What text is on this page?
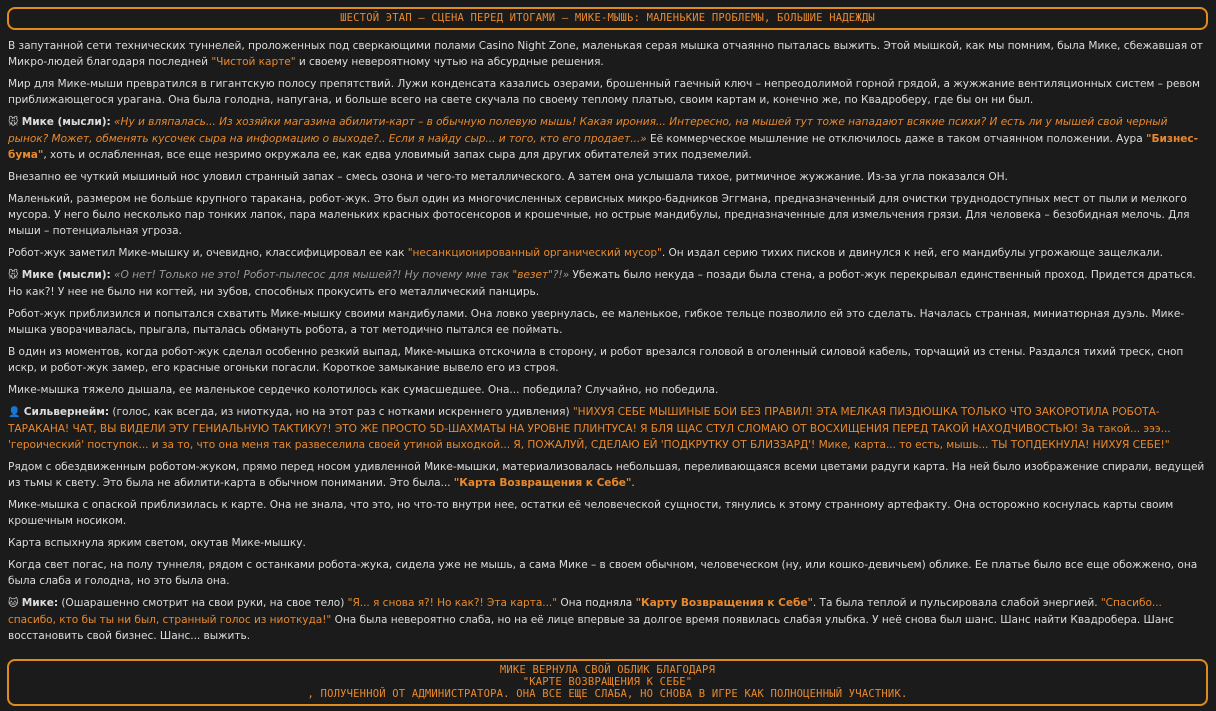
ШЕСТОЙ ЭТАП – СЦЕНА ПЕРЕД ИТОГАМИ – МИКЕ-МЫШЬ: МАЛЕНЬКИЕ ПРОБЛЕМЫ, БОЛЬШИЕ НАДЕЖДЫ

В запутанной сети технических туннелей, проложенных под сверкающими полами Casino Night Zone, маленькая серая мышка отчаянно пыталась выжить. Этой мышкой, как мы помним, была Мике, сбежавшая от Микро-людей благодаря последней "Чистой карте" и своему невероятному чутью на абсурдные решения.

Мир для Мике-мыши превратился в гигантскую полосу препятствий. Лужи конденсата казались озерами, брошенный гаечный ключ – непреодолимой горной грядой, а жужжание вентиляционных систем – ревом приближающегося урагана. Она была голодна, напугана, и больше всего на свете скучала по своему теплому платью, своим картам и, конечно же, по Квадроберу, где бы он ни был.

🐭 Мике (мысли): «Ну и вляпалась... Из хозяйки магазина абилити-карт – в обычную полевую мышь! Какая ирония... Интересно, на мышей тут тоже нападают всякие психи? И есть ли у мышей свой черный рынок? Может, обменять кусочек сыра на информацию о выходе?.. Если я найду сыр... и того, кто его продает...» Её коммерческое мышление не отключилось даже в таком отчаянном положении. Аура "Бизнес-бума", хоть и ослабленная, все еще незримо окружала ее, как едва уловимый запах сыра для других обитателей этих подземелий.

Внезапно ее чуткий мышиный нос уловил странный запах – смесь озона и чего-то металлического. А затем она услышала тихое, ритмичное жужжание. Из-за угла показался ОН.

Маленький, размером не больше крупного таракана, робот-жук. Это был один из многочисленных сервисных микро-бадников Эггмана, предназначенный для очистки труднодоступных мест от пыли и мелкого мусора. У него было несколько пар тонких лапок, пара маленьких красных фотосенсоров и крошечные, но острые мандибулы, предназначенные для измельчения грязи. Для человека – безобидная мелочь. Для мыши – потенциальная угроза.

Робот-жук заметил Мике-мышку и, очевидно, классифицировал ее как "несанкционированный органический мусор". Он издал серию тихих писков и двинулся к ней, его мандибулы угрожающе защелкали.

🐭 Мике (мысли): «О нет! Только не это! Робот-пылесос для мышей?! Ну почему мне так "везет"?!» Убежать было некуда – позади была стена, а робот-жук перекрывал единственный проход. Придется драться. Но как?! У нее не было ни когтей, ни зубов, способных прокусить его металлический панцирь.

Робот-жук приблизился и попытался схватить Мике-мышку своими мандибулами. Она ловко увернулась, ее маленькое, гибкое тельце позволило ей это сделать. Началась странная, миниатюрная дуэль. Мике-мышка уворачивалась, прыгала, пыталась обмануть робота, а тот методично пытался ее поймать.

В один из моментов, когда робот-жук сделал особенно резкий выпад, Мике-мышка отскочила в сторону, и робот врезался головой в оголенный силовой кабель, торчащий из стены. Раздался тихий треск, сноп искр, и робот-жук замер, его красные огоньки погасли. Короткое замыкание вывело его из строя.

Мике-мышка тяжело дышала, ее маленькое сердечко колотилось как сумасшедшее. Она... победила? Случайно, но победила.

👤 Сильвернейм: (голос, как всегда, из ниоткуда, но на этот раз с нотками искреннего удивления) "НИХУЯ СЕБЕ МЫШИНЫЕ БОИ БЕЗ ПРАВИЛ! ЭТА МЕЛКАЯ ПИЗДЮШКА ТОЛЬКО ЧТО ЗАКОРОТИЛА РОБОТА-ТАРАКАНА! ЧАТ, ВЫ ВИДЕЛИ ЭТУ ГЕНИАЛЬНУЮ ТАКТИКУ?! ЭТО ЖЕ ПРОСТО 5D-ШАХМАТЫ НА УРОВНЕ ПЛИНТУСА! Я БЛЯ ЩАС СТУЛ СЛОМАЮ ОТ ВОСХИЩЕНИЯ ПЕРЕД ТАКОЙ НАХОДЧИВОСТЬЮ! За такой... эээ... 'героический' поступок... и за то, что она меня так развеселила своей утиной выходкой... Я, ПОЖАЛУЙ, СДЕЛАЮ ЕЙ 'ПОДКРУТКУ ОТ БЛИЗЗАРД'! Мике, карта... то есть, мышь... ТЫ ТОПДЕКНУЛА! НИХУЯ СЕБЕ!"

Рядом с обездвиженным роботом-жуком, прямо перед носом удивленной Мике-мышки, материализовалась небольшая, переливающаяся всеми цветами радуги карта. На ней было изображение спирали, ведущей из тьмы к свету. Это была не абилити-карта в обычном понимании. Это была... "Карта Возвращения к Себе".

Мике-мышка с опаской приблизилась к карте. Она не знала, что это, но что-то внутри нее, остатки её человеческой сущности, тянулись к этому странному артефакту. Она осторожно коснулась карты своим крошечным носиком.

Карта вспыхнула ярким светом, окутав Мике-мышку.

Когда свет погас, на полу туннеля, рядом с останками робота-жука, сидела уже не мышь, а сама Мике – в своем обычном, человеческом (ну, или кошко-девичьем) облике. Ее платье было все еще обожжено, она была слаба и голодна, но это была она.

🐱 Мике: (Ошарашенно смотрит на свои руки, на свое тело) "Я... я снова я?! Но как?! Эта карта..." Она подняла "Карту Возвращения к Себе". Та была теплой и пульсировала слабой энергией. "Спасибо... спасибо, кто бы ты ни был, странный голос из ниоткуда!" Она была невероятно слаба, но на её лице впервые за долгое время появилась слабая улыбка. У неё снова был шанс. Шанс найти Квадробера. Шанс восстановить свой бизнес. Шанс... выжить.

МИКЕ ВЕРНУЛА СВОЙ ОБЛИК БЛАГОДАРЯ
"КАРТЕ ВОЗВРАЩЕНИЯ К СЕБЕ"
, ПОЛУЧЕННОЙ ОТ АДМИНИСТРАТОРА. ОНА ВСЕ ЕЩЕ СЛАБА, НО СНОВА В ИГРЕ КАК ПОЛНОЦЕННЫЙ УЧАСТНИК.
